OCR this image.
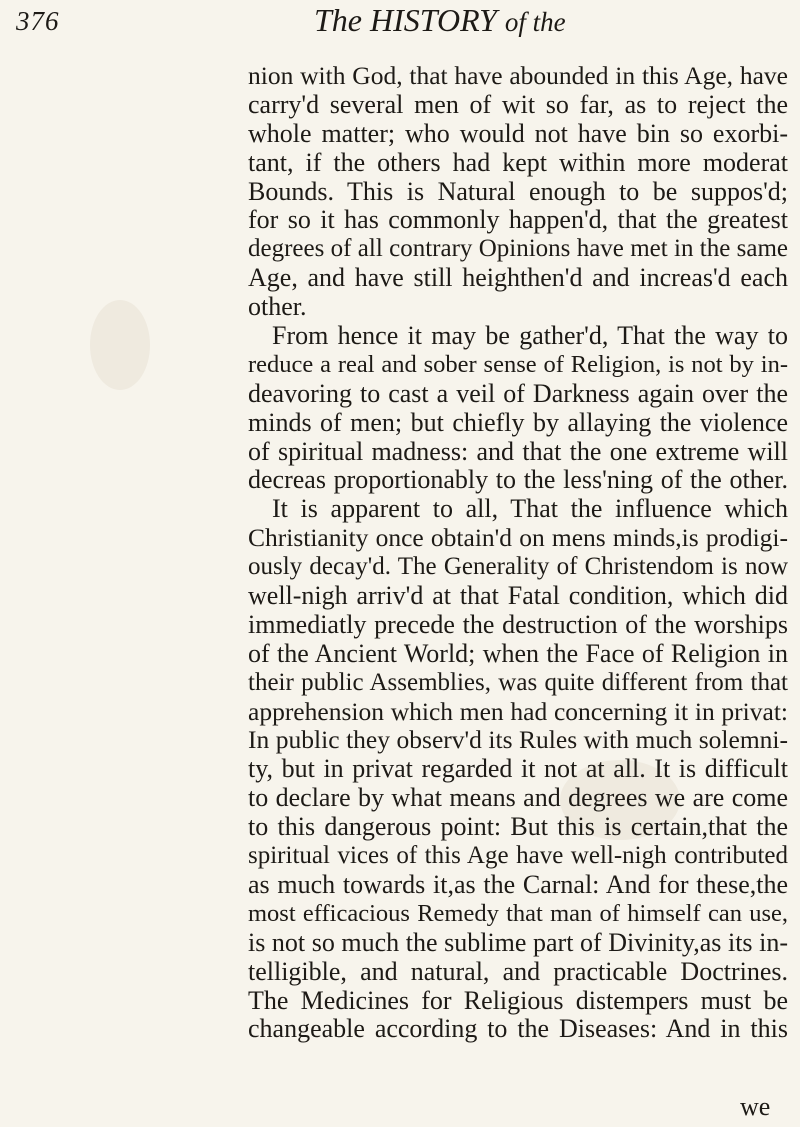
376	The HISTORY of the
nion with God, that have abounded in this Age, have
carry'd several men of wit so far, as to reject the
whole matter; who would not have bin so exorbi-
tant, if the others had kept within more moderat
Bounds. This is Natural enough to be suppos'd;
for so it has commonly happen'd, that the greatest
degrees of all contrary Opinions have met in the same
Age, and have still heighthen'd and increas'd each
other.
From hence it may be gather'd, That the way to
reduce a real and sober sense of Religion, is not by in-
deavoring to cast a veil of Darkness again over the
minds of men; but chiefly by allaying the violence
of spiritual madness: and that the one extreme will
decreas proportionably to the less'ning of the other.
It is apparent to all, That the influence which
Christianity once obtain'd on mens minds,is prodigi-
ously decay'd. The Generality of Christendom is now
well-nigh arriv'd at that Fatal condition, which did
immediatly precede the destruction of the worships
of the Ancient World; when the Face of Religion in
their public Assemblies, was quite different from that
apprehension which men had concerning it in privat:
In public they observ'd its Rules with much solemni-
ty, but in privat regarded it not at all. It is difficult
to declare by what means and degrees we are come
to this dangerous point: But this is certain,that the
spiritual vices of this Age have well-nigh contributed
as much towards it,as the Carnal: And for these,the
most efficacious Remedy that man of himself can use,
is not so much the sublime part of Divinity,as its in-
telligible, and natural, and practicable Doctrines.
The Medicines for Religious distempers must be
changeable according to the Diseases: And in this
we
